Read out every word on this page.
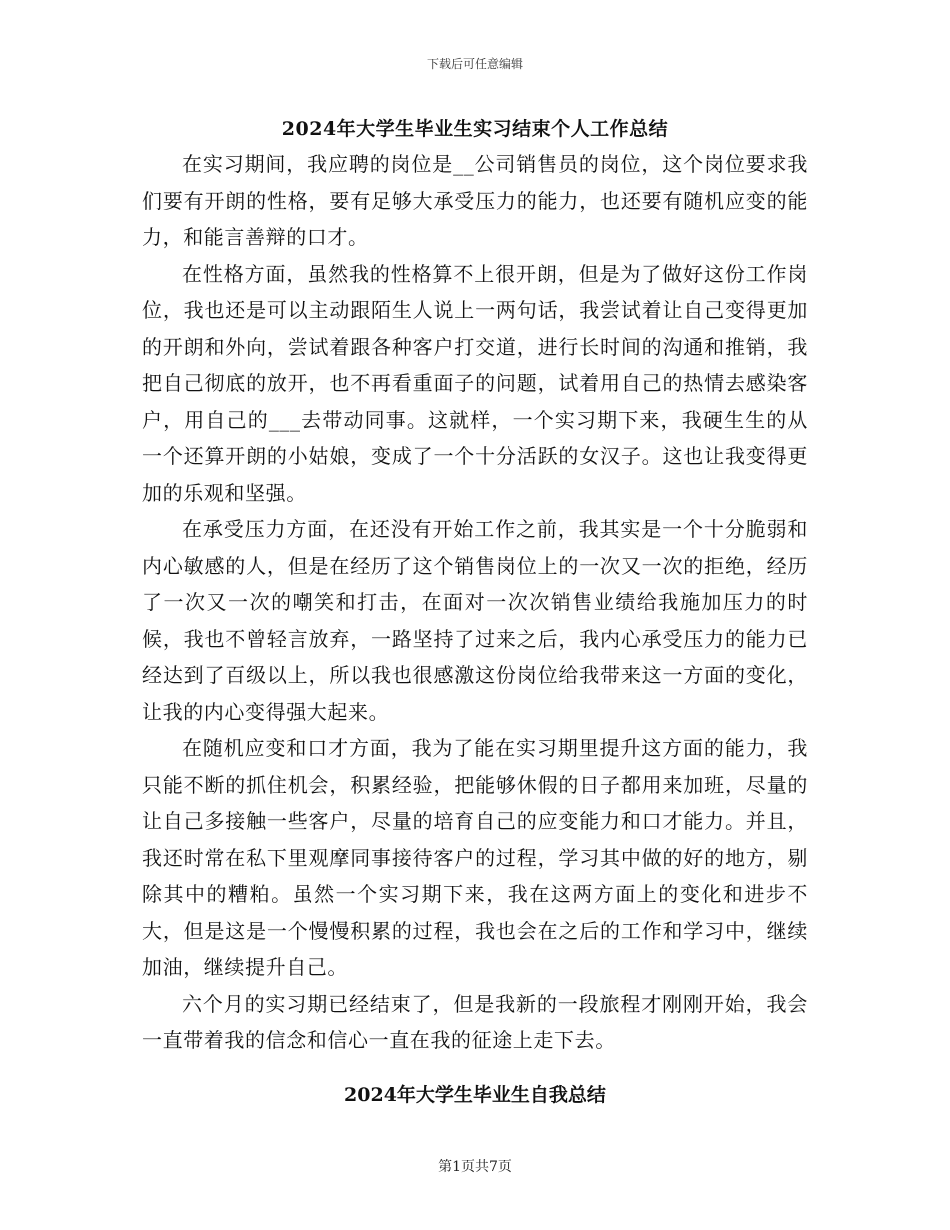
下载后可任意编辑
2024年大学生毕业生实习结束个人工作总结

在实习期间，我应聘的岗位是__公司销售员的岗位，这个岗位要求我们要有开朗的性格，要有足够大承受压力的能力，也还要有随机应变的能力，和能言善辩的口才。

在性格方面，虽然我的性格算不上很开朗，但是为了做好这份工作岗位，我也还是可以主动跟陌生人说上一两句话，我尝试着让自己变得更加的开朗和外向，尝试着跟各种客户打交道，进行长时间的沟通和推销，我把自己彻底的放开，也不再看重面子的问题，试着用自己的热情去感染客户，用自己的___去带动同事。这就样，一个实习期下来，我硬生生的从一个还算开朗的小姑娘，变成了一个十分活跃的女汉子。这也让我变得更加的乐观和坚强。

在承受压力方面，在还没有开始工作之前，我其实是一个十分脆弱和内心敏感的人，但是在经历了这个销售岗位上的一次又一次的拒绝，经历了一次又一次的嘲笑和打击，在面对一次次销售业绩给我施加压力的时候，我也不曾轻言放弃，一路坚持了过来之后，我内心承受压力的能力已经达到了百级以上，所以我也很感激这份岗位给我带来这一方面的变化，让我的内心变得强大起来。

在随机应变和口才方面，我为了能在实习期里提升这方面的能力，我只能不断的抓住机会，积累经验，把能够休假的日子都用来加班，尽量的让自己多接触一些客户，尽量的培育自己的应变能力和口才能力。并且，我还时常在私下里观摩同事接待客户的过程，学习其中做的好的地方，剔除其中的糟粕。虽然一个实习期下来，我在这两方面上的变化和进步不大，但是这是一个慢慢积累的过程，我也会在之后的工作和学习中，继续加油，继续提升自己。

六个月的实习期已经结束了，但是我新的一段旅程才刚刚开始，我会一直带着我的信念和信心一直在我的征途上走下去。

2024年大学生毕业生自我总结
第1页共7页
